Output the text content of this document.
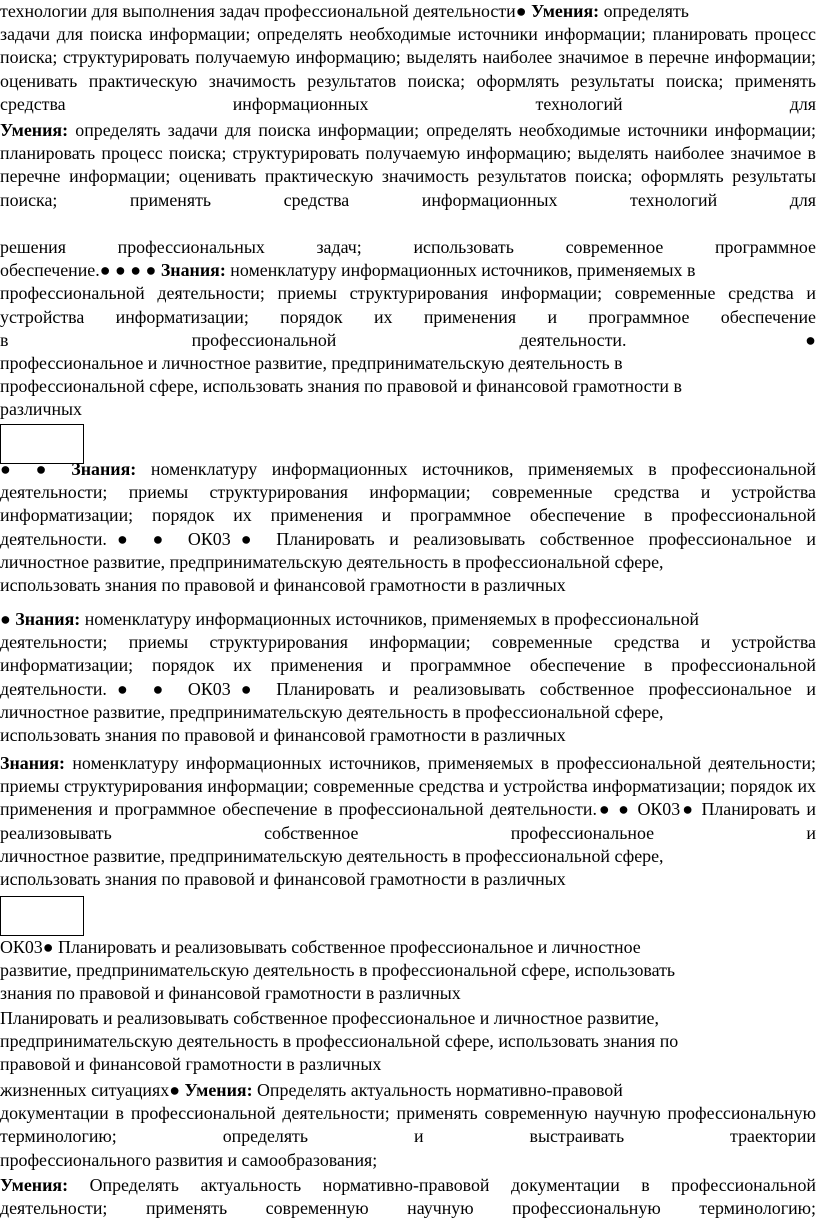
технологии для выполнения задач профессиональной деятельности● Умения: определять
задачи для поиска информации; определять необходимые источники информации; планировать процесс поиска; структурировать получаемую информацию; выделять наиболее значимое в перечне информации; оценивать практическую значимость результатов поиска; оформлять результаты поиска; применять средства информационных технологий для
Умения: определять задачи для поиска информации; определять необходимые источники информации; планировать процесс поиска; структурировать получаемую информацию; выделять наиболее значимое в перечне информации; оценивать практическую значимость результатов поиска; оформлять результаты поиска; применять средства информационных технологий для
решения профессиональных задач; использовать современное программное
обеспечение.● ● ● ● Знания: номенклатуру информационных источников, применяемых в
профессиональной деятельности; приемы структурирования информации; современные средства и устройства информатизации; порядок их применения и программное обеспечение
в профессиональной деятельности.●
профессиональное и личностное развитие, предпринимательскую деятельность в
профессиональной сфере, использовать знания по правовой и финансовой грамотности в
различных
● ● Знания: номенклатуру информационных источников, применяемых в профессиональной деятельности; приемы структурирования информации; современные средства и устройства информатизации; порядок их применения и программное обеспечение в профессиональной деятельности.● ● ОК03● Планировать и реализовывать собственное профессиональное и
личностное развитие, предпринимательскую деятельность в профессиональной сфере,
использовать знания по правовой и финансовой грамотности в различных
● Знания: номенклатуру информационных источников, применяемых в профессиональной
деятельности; приемы структурирования информации; современные средства и устройства информатизации; порядок их применения и программное обеспечение в профессиональной деятельности.● ● ОК03● Планировать и реализовывать собственное профессиональное и
личностное развитие, предпринимательскую деятельность в профессиональной сфере,
использовать знания по правовой и финансовой грамотности в различных
Знания: номенклатуру информационных источников, применяемых в профессиональной деятельности; приемы структурирования информации; современные средства и устройства информатизации; порядок их применения и программное обеспечение в профессиональной деятельности.● ● ОК03● Планировать и реализовывать собственное профессиональное и
личностное развитие, предпринимательскую деятельность в профессиональной сфере,
использовать знания по правовой и финансовой грамотности в различных
ОК03● Планировать и реализовывать собственное профессиональное и личностное
развитие, предпринимательскую деятельность в профессиональной сфере, использовать
знания по правовой и финансовой грамотности в различных
Планировать и реализовывать собственное профессиональное и личностное развитие,
предпринимательскую деятельность в профессиональной сфере, использовать знания по
правовой и финансовой грамотности в различных
жизненных ситуациях● Умения: Определять актуальность нормативно-правовой
документации в профессиональной деятельности; применять современную научную профессиональную терминологию; определять и выстраивать траектории
профессионального развития и самообразования;
Умения: Определять актуальность нормативно-правовой документации в профессиональной деятельности; применять современную научную профессиональную терминологию;
